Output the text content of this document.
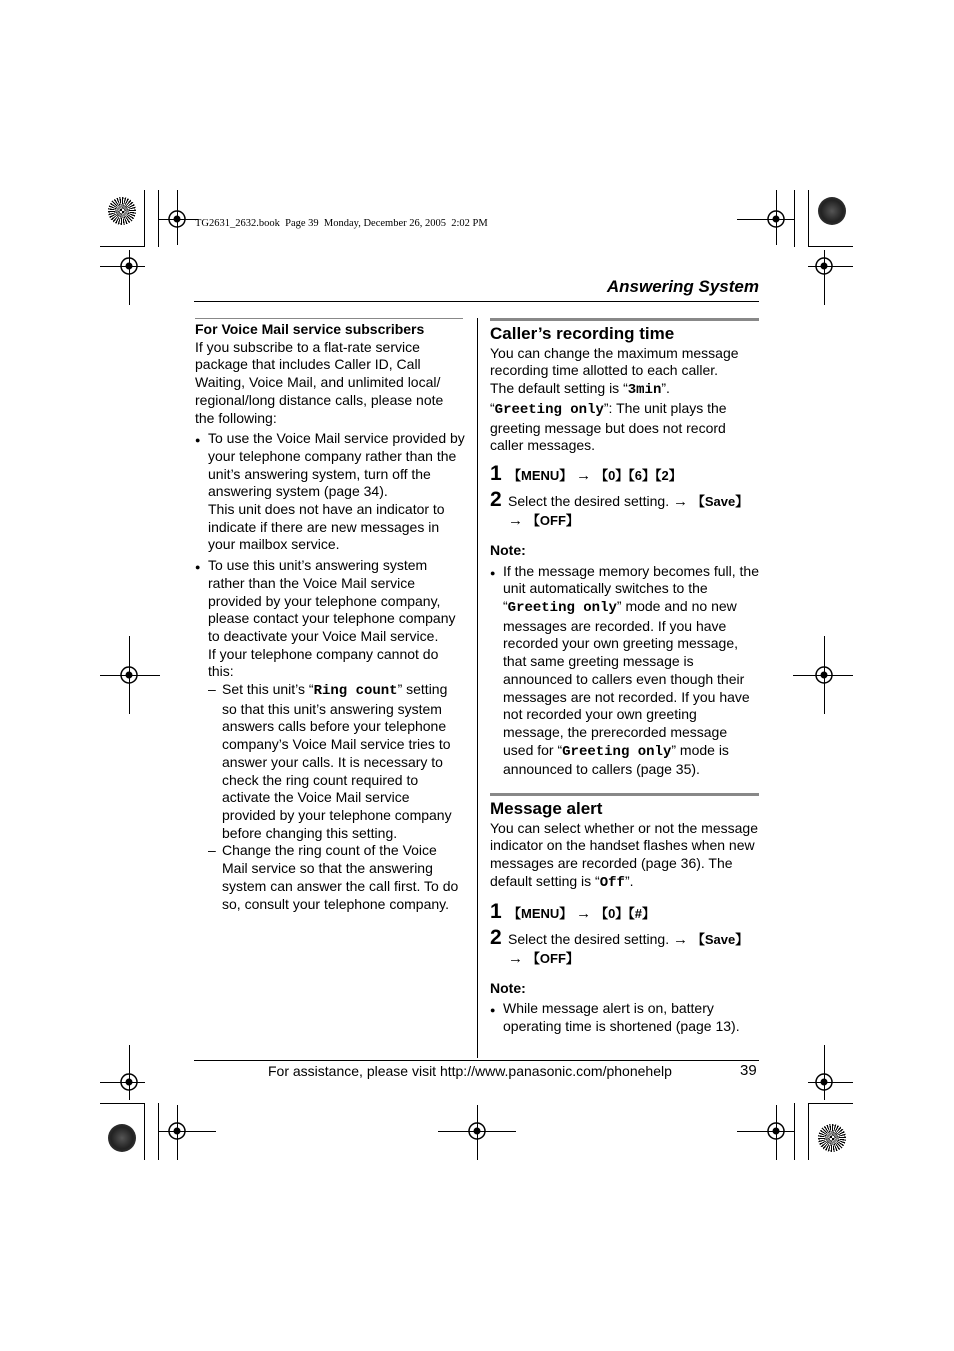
TG2631_2632.book  Page 39  Monday, December 26, 2005  2:02 PM
Answering System

For Voice Mail service subscribers

If you subscribe to a flat-rate service package that includes Caller ID, Call Waiting, Voice Mail, and unlimited local/ regional/long distance calls, please note the following:

● To use the Voice Mail service provided by your telephone company rather than the unit’s answering system, turn off the answering system (page 34).

This unit does not have an indicator to indicate if there are new messages in your mailbox service.

● To use this unit’s answering system rather than the Voice Mail service provided by your telephone company, please contact your telephone company to deactivate your Voice Mail service.

If your telephone company cannot do this:

– Set this unit’s “Ring count” setting so that this unit’s answering system answers calls before your telephone company’s Voice Mail service tries to answer your calls. It is necessary to check the ring count required to activate the Voice Mail service provided by your telephone company before changing this setting.

– Change the ring count of the Voice Mail service so that the answering system can answer the call first. To do so, consult your telephone company.

Caller’s recording time

You can change the maximum message recording time allotted to each caller.

The default setting is “3min”.

“Greeting only”: The unit plays the greeting message but does not record caller messages.

1 【MENU】 → 【0】【6】【2】
2 Select the desired setting. → 【Save】
→ 【OFF】

Note:

● If the message memory becomes full, the unit automatically switches to the “Greeting only” mode and no new messages are recorded. If you have recorded your own greeting message, that same greeting message is announced to callers even though their messages are not recorded. If you have not recorded your own greeting message, the prerecorded message used for “Greeting only” mode is announced to callers (page 35).

Message alert

You can select whether or not the message indicator on the handset flashes when new messages are recorded (page 36). The default setting is “Off”.

1 【MENU】 → 【0】【#】
2 Select the desired setting. → 【Save】
→ 【OFF】

Note:

● While message alert is on, battery operating time is shortened (page 13).

For assistance, please visit http://www.panasonic.com/phonehelp	39
